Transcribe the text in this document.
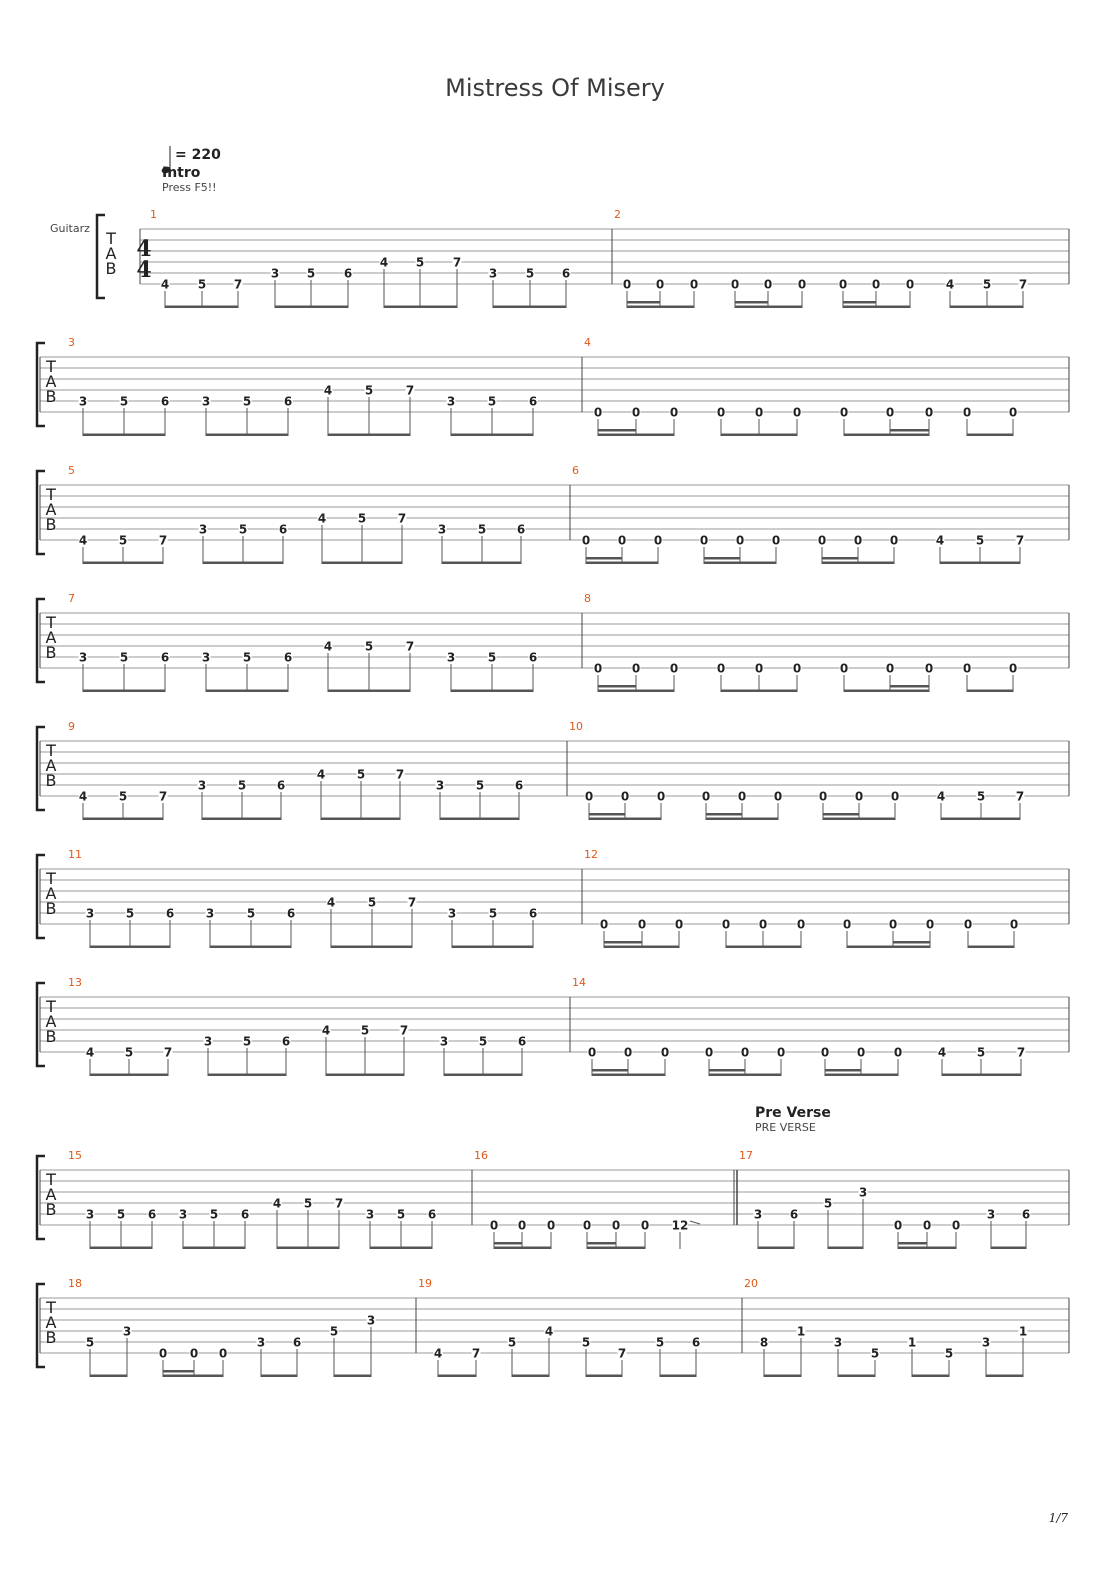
Mistress Of Misery
= 220
Intro
Press F5!!
Pre Verse
PRE VERSE
Guitarz
T
A
B
4
4
1
4 5 7
3 5 6
4 5 7
3 5 6
2
0 0 0	0 0 0	0 0 0	4 5 7
T
A
B
3
3	5	6	3	5	6
4	5	7
3	5	6
4
0 0 0	0 0 0	0	0	0 0	0
T
A
B
5
4	5	7
3	5	6
4	5	7
3	5	6
6
0 0 0	0 0 0	0 0 0	4	5	7
T
A
B
7
3	5	6	3	5	6
4	5	7
3	5	6
8
0 0 0	0 0 0	0	0	0 0	0
T
A
B
9
4	5	7
3	5	6
4	5	7
3	5	6
10
0 0 0	0 0 0	0 0 0	4	5	7
T
A
B
11
3	5	6	3	5	6
4	5	7
3	5	6
12
0 0 0	0 0 0	0	0 0 0	0
T
A
B
13
4	5	7
3	5	6
4	5	7
3	5	6
14
0 0 0	0 0 0	0 0 0	4	5	7
T
A
B
15
3 5 6 3 5 6
4 5 7
3 5 6
16
0 0 0 0 0 0 12
17
3 6
5
3
0 0 0
3 6
T
A
B
18
5
3
0 0 0
3 6
5
3
19
4 7
5
4
5
7
5 6
20
8
1
3
5
1
5
3
1
1/7
